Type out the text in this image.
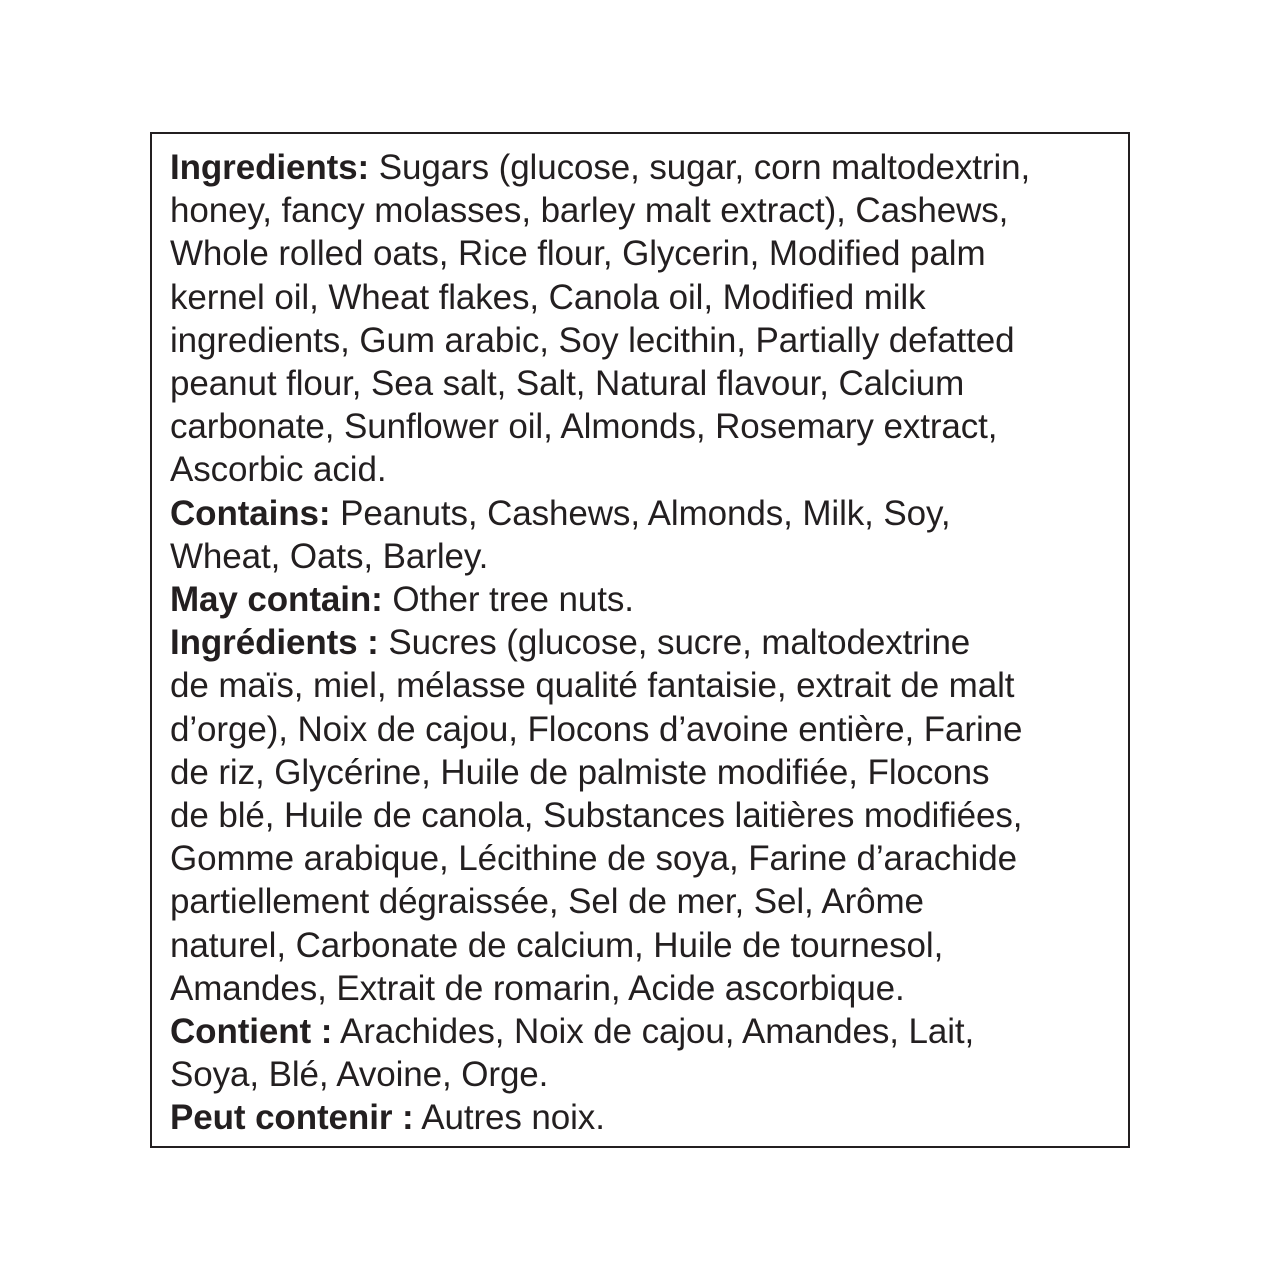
Ingredients: Sugars (glucose, sugar, corn maltodextrin,
honey, fancy molasses, barley malt extract), Cashews,
Whole rolled oats, Rice flour, Glycerin, Modified palm
kernel oil, Wheat flakes, Canola oil, Modified milk
ingredients, Gum arabic, Soy lecithin, Partially defatted
peanut flour, Sea salt, Salt, Natural flavour, Calcium
carbonate, Sunflower oil, Almonds, Rosemary extract,
Ascorbic acid.
Contains: Peanuts, Cashews, Almonds, Milk, Soy,
Wheat, Oats, Barley.
May contain: Other tree nuts.
Ingrédients : Sucres (glucose, sucre, maltodextrine
de maïs, miel, mélasse qualité fantaisie, extrait de malt
d’orge), Noix de cajou, Flocons d’avoine entière, Farine
de riz, Glycérine, Huile de palmiste modifiée, Flocons
de blé, Huile de canola, Substances laitières modifiées,
Gomme arabique, Lécithine de soya, Farine d’arachide
partiellement dégraissée, Sel de mer, Sel, Arôme
naturel, Carbonate de calcium, Huile de tournesol,
Amandes, Extrait de romarin, Acide ascorbique.
Contient : Arachides, Noix de cajou, Amandes, Lait,
Soya, Blé, Avoine, Orge.
Peut contenir : Autres noix.
